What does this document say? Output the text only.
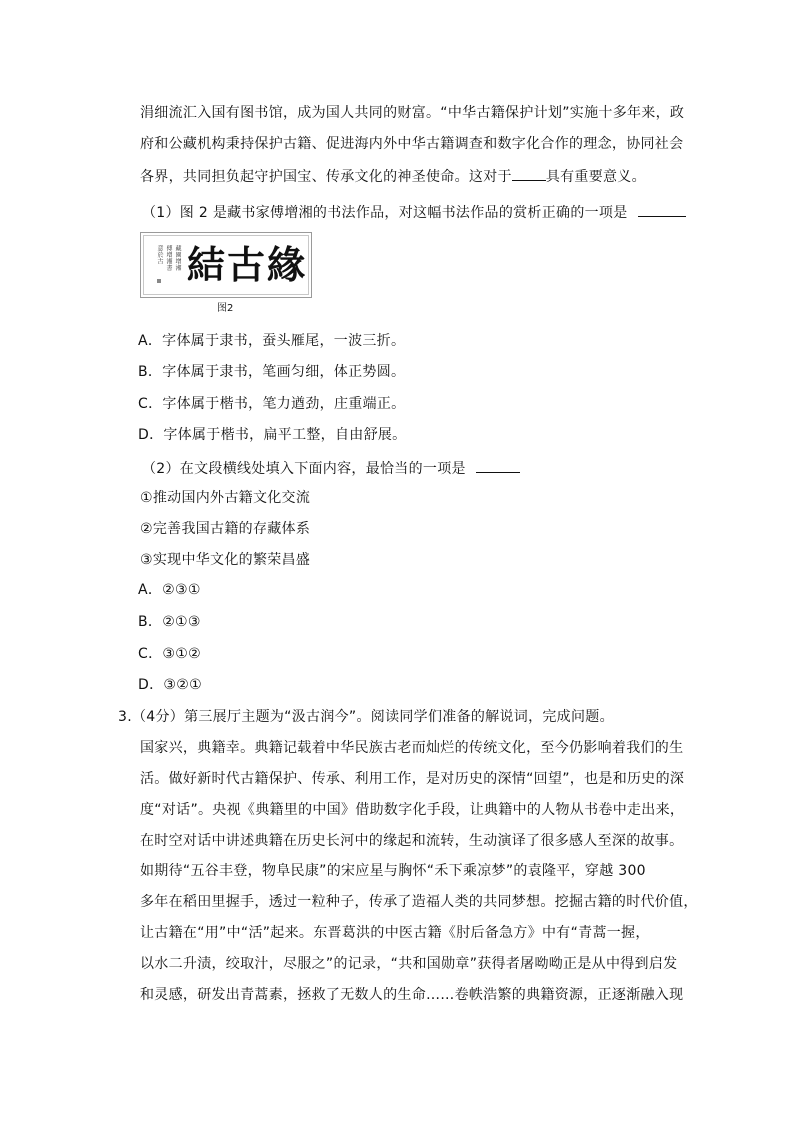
涓细流汇入国有图书馆，成为国人共同的财富。“中华古籍保护计划”实施十多年来，政
府和公藏机构秉持保护古籍、促进海内外中华古籍调查和数字化合作的理念，协同社会
各界，共同担负起守护国宝、传承文化的神圣使命。这对于 具有重要意义。
（1）图 2 是藏书家傅增湘的书法作品，对这幅书法作品的赏析正确的一项是
藏園增湘
傅增湘書
意於古 結古緣
图2
A．字体属于隶书，蚕头雁尾，一波三折。
B．字体属于隶书，笔画匀细，体正势圆。
C．字体属于楷书，笔力遒劲，庄重端正。
D．字体属于楷书，扁平工整，自由舒展。
（2）在文段横线处填入下面内容，最恰当的一项是
①推动国内外古籍文化交流
②完善我国古籍的存藏体系
③实现中华文化的繁荣昌盛
A．②③①
B．②①③
C．③①②
D．③②①
3.（4分）第三展厅主题为“汲古润今”。阅读同学们准备的解说词，完成问题。
国家兴，典籍幸。典籍记载着中华民族古老而灿烂的传统文化，至今仍影响着我们的生
活。做好新时代古籍保护、传承、利用工作，是对历史的深情“回望”，也是和历史的深
度“对话”。央视《典籍里的中国》借助数字化手段，让典籍中的人物从书卷中走出来，
在时空对话中讲述典籍在历史长河中的缘起和流转，生动演译了很多感人至深的故事。
如期待“五谷丰登，物阜民康”的宋应星与胸怀“禾下乘凉梦”的袁隆平，穿越 300
多年在稻田里握手，透过一粒种子，传承了造福人类的共同梦想。挖掘古籍的时代价值，
让古籍在“用”中“活”起来。东晋葛洪的中医古籍《肘后备急方》中有“青蒿一握，
以水二升渍，绞取汁，尽服之”的记录，“共和国勋章”获得者屠呦呦正是从中得到启发
和灵感，研发出青蒿素，拯救了无数人的生命……卷帙浩繁的典籍资源，正逐渐融入现
